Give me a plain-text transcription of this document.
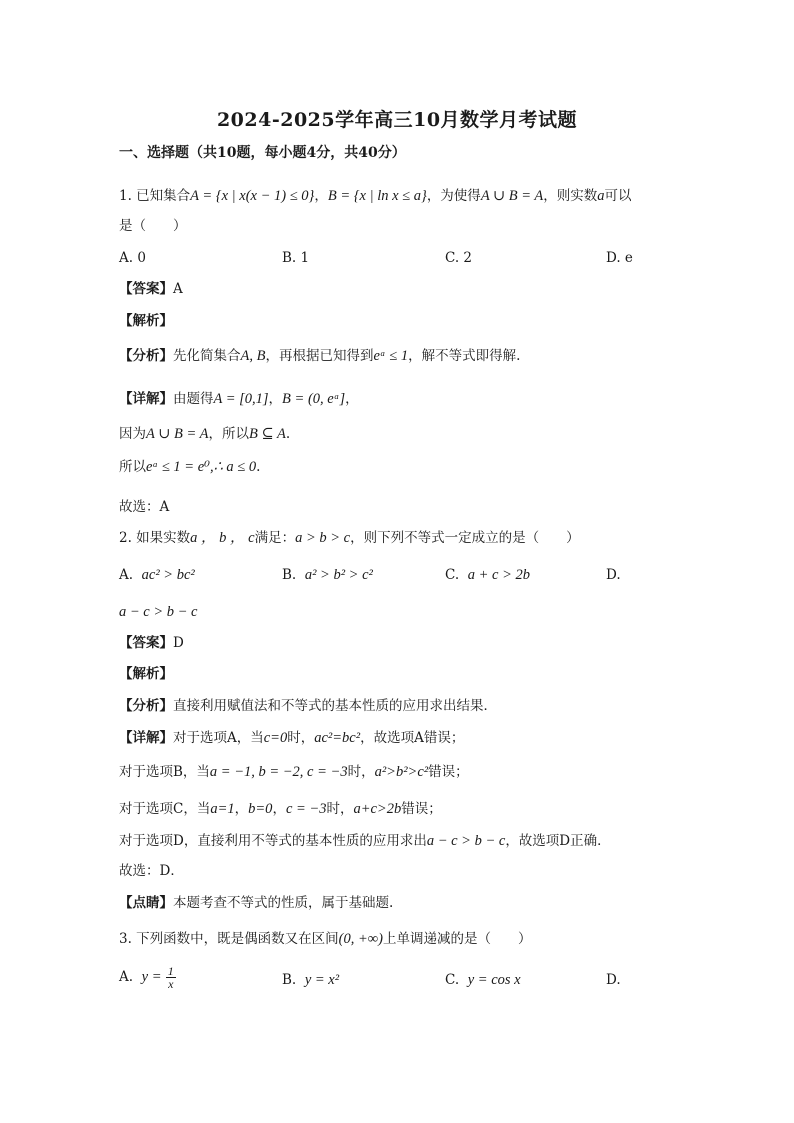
2024-2025学年高三10月数学月考试题
一、选择题（共10题，每小题4分，共40分）
1. 已知集合A = {x | x(x − 1) ≤ 0}，B = {x | ln x ≤ a}，为使得A ∪ B = A，则实数a可以
是（　　）
A. 0	B. 1	C. 2	D. e
【答案】A
【解析】
【分析】先化简集合A, B，再根据已知得到eᵃ ≤ 1，解不等式即得解.
【详解】由题得A = [0,1]，B = (0, eᵃ]，
因为A ∪ B = A，所以B ⊆ A.
所以eᵃ ≤ 1 = e⁰,∴ a ≤ 0.
故选：A
2. 如果实数a ， b ， c满足：a > b > c，则下列不等式一定成立的是（　　）
A. ac² > bc²	B. a² > b² > c²	C. a + c > 2b	D.
a − c > b − c
【答案】D
【解析】
【分析】直接利用赋值法和不等式的基本性质的应用求出结果．
【详解】对于选项A，当c=0时，ac²=bc²，故选项A错误；
对于选项B，当a = −1, b = −2, c = −3时，a²>b²>c²错误；
对于选项C，当a=1，b=0，c = −3时，a+c>2b错误；
对于选项D，直接利用不等式的基本性质的应用求出a − c > b − c，故选项D正确．
故选：D．
【点睛】本题考查不等式的性质，属于基础题.
3. 下列函数中，既是偶函数又在区间(0, +∞)上单调递减的是（　　）
A. $y = \frac{1}{x}$	B. y = x²	C. y = cos x	D.
